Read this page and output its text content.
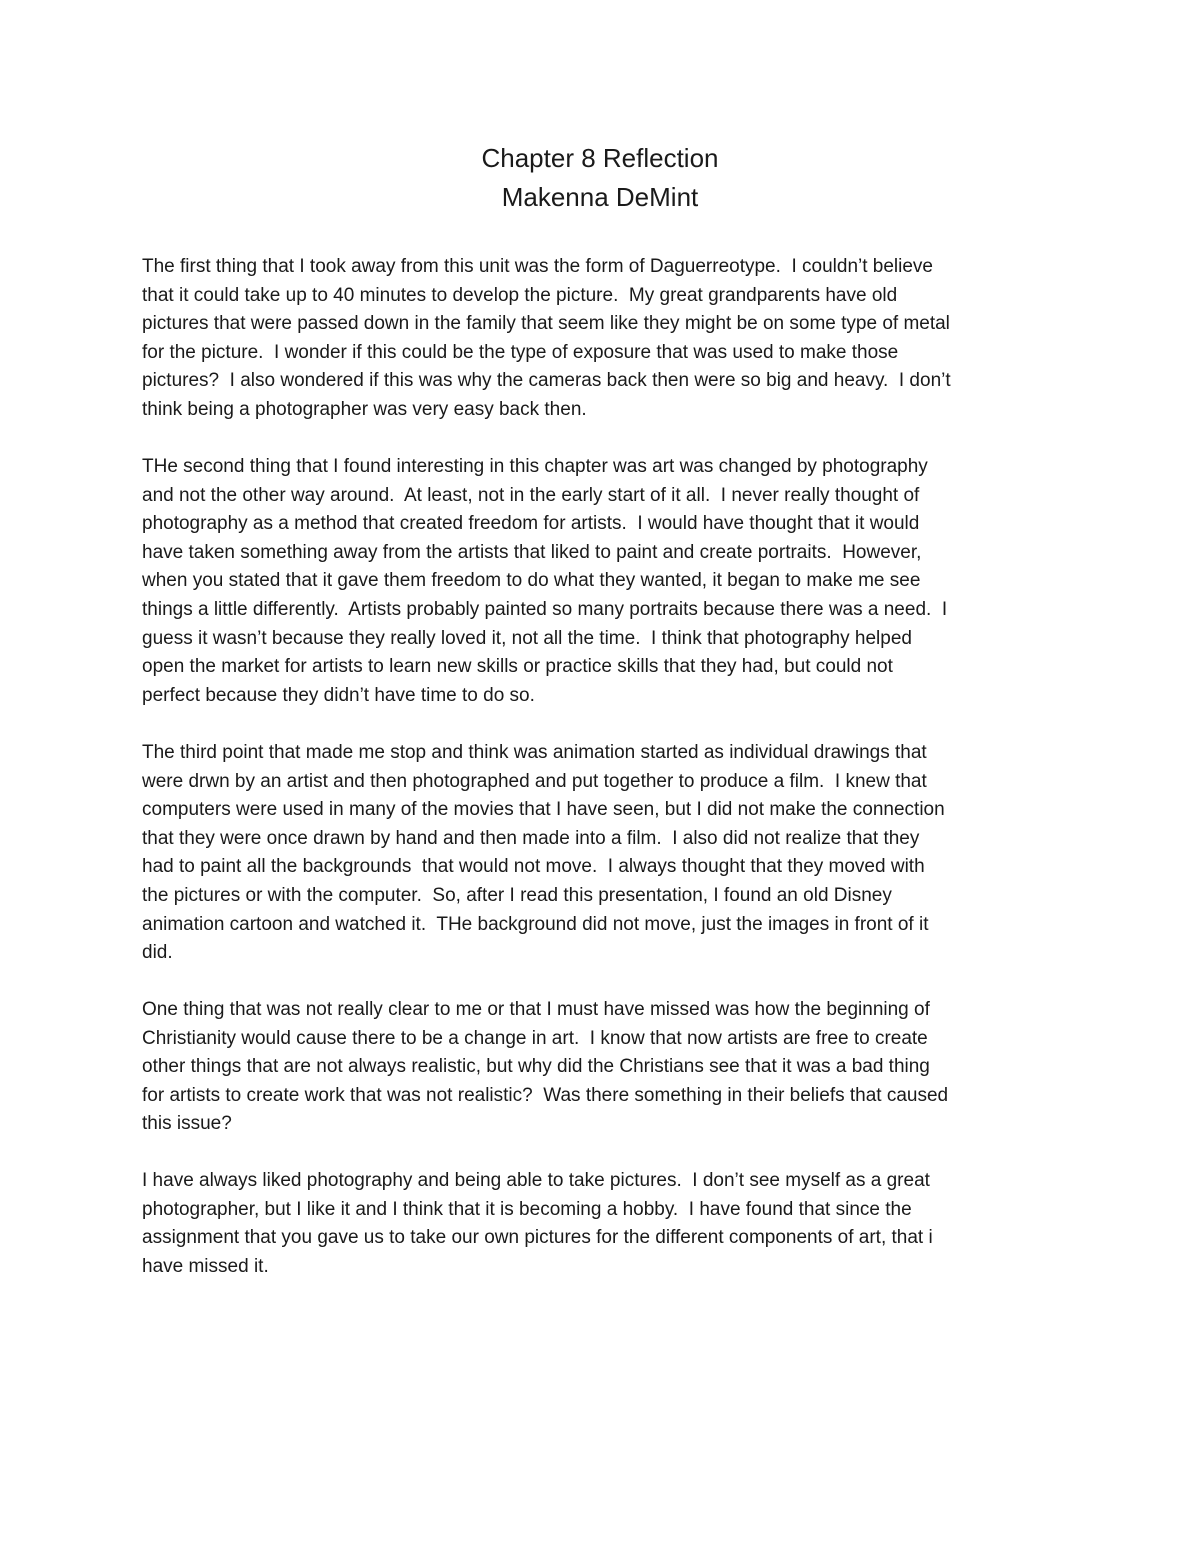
Chapter 8 Reflection
Makenna DeMint
The first thing that I took away from this unit was the form of Daguerreotype.  I couldn’t believe
that it could take up to 40 minutes to develop the picture.  My great grandparents have old
pictures that were passed down in the family that seem like they might be on some type of metal
for the picture.  I wonder if this could be the type of exposure that was used to make those
pictures?  I also wondered if this was why the cameras back then were so big and heavy.  I don’t
think being a photographer was very easy back then.
THe second thing that I found interesting in this chapter was art was changed by photography
and not the other way around.  At least, not in the early start of it all.  I never really thought of
photography as a method that created freedom for artists.  I would have thought that it would
have taken something away from the artists that liked to paint and create portraits.  However,
when you stated that it gave them freedom to do what they wanted, it began to make me see
things a little differently.  Artists probably painted so many portraits because there was a need.  I
guess it wasn’t because they really loved it, not all the time.  I think that photography helped
open the market for artists to learn new skills or practice skills that they had, but could not
perfect because they didn’t have time to do so.
The third point that made me stop and think was animation started as individual drawings that
were drwn by an artist and then photographed and put together to produce a film.  I knew that
computers were used in many of the movies that I have seen, but I did not make the connection
that they were once drawn by hand and then made into a film.  I also did not realize that they
had to paint all the backgrounds  that would not move.  I always thought that they moved with
the pictures or with the computer.  So, after I read this presentation, I found an old Disney
animation cartoon and watched it.  THe background did not move, just the images in front of it
did.
One thing that was not really clear to me or that I must have missed was how the beginning of
Christianity would cause there to be a change in art.  I know that now artists are free to create
other things that are not always realistic, but why did the Christians see that it was a bad thing
for artists to create work that was not realistic?  Was there something in their beliefs that caused
this issue?
I have always liked photography and being able to take pictures.  I don’t see myself as a great
photographer, but I like it and I think that it is becoming a hobby.  I have found that since the
assignment that you gave us to take our own pictures for the different components of art, that i
have missed it.
